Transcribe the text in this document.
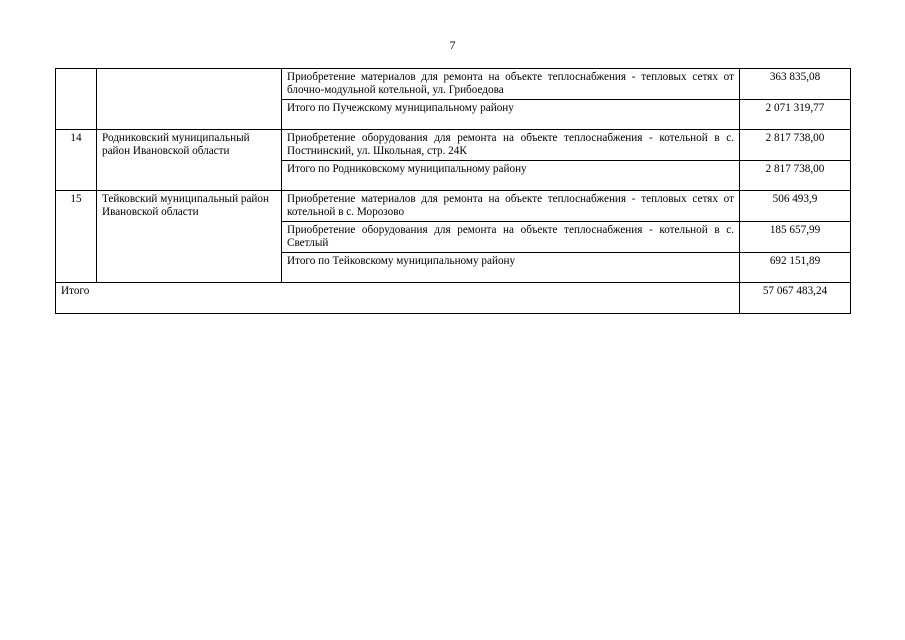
7
		Приобретение материалов для ремонта на объекте теплоснабжения - тепловых сетях от блочно-модульной котельной, ул. Грибоедова	363 835,08
		Итого по Пучежскому муниципальному району	2 071 319,77
14	Родниковский муниципальный район Ивановской области	Приобретение оборудования для ремонта на объекте теплоснабжения - котельной в с. Постнинский, ул. Школьная, стр. 24К	2 817 738,00
		Итого по Родниковскому муниципальному району	2 817 738,00
15	Тейковский муниципальный район Ивановской области	Приобретение материалов для ремонта на объекте теплоснабжения - тепловых сетях от котельной в с. Морозово	506 493,9
		Приобретение оборудования для ремонта на объекте теплоснабжения - котельной в с. Светлый	185 657,99
		Итого по Тейковскому муниципальному району	692 151,89
Итого			57 067 483,24
